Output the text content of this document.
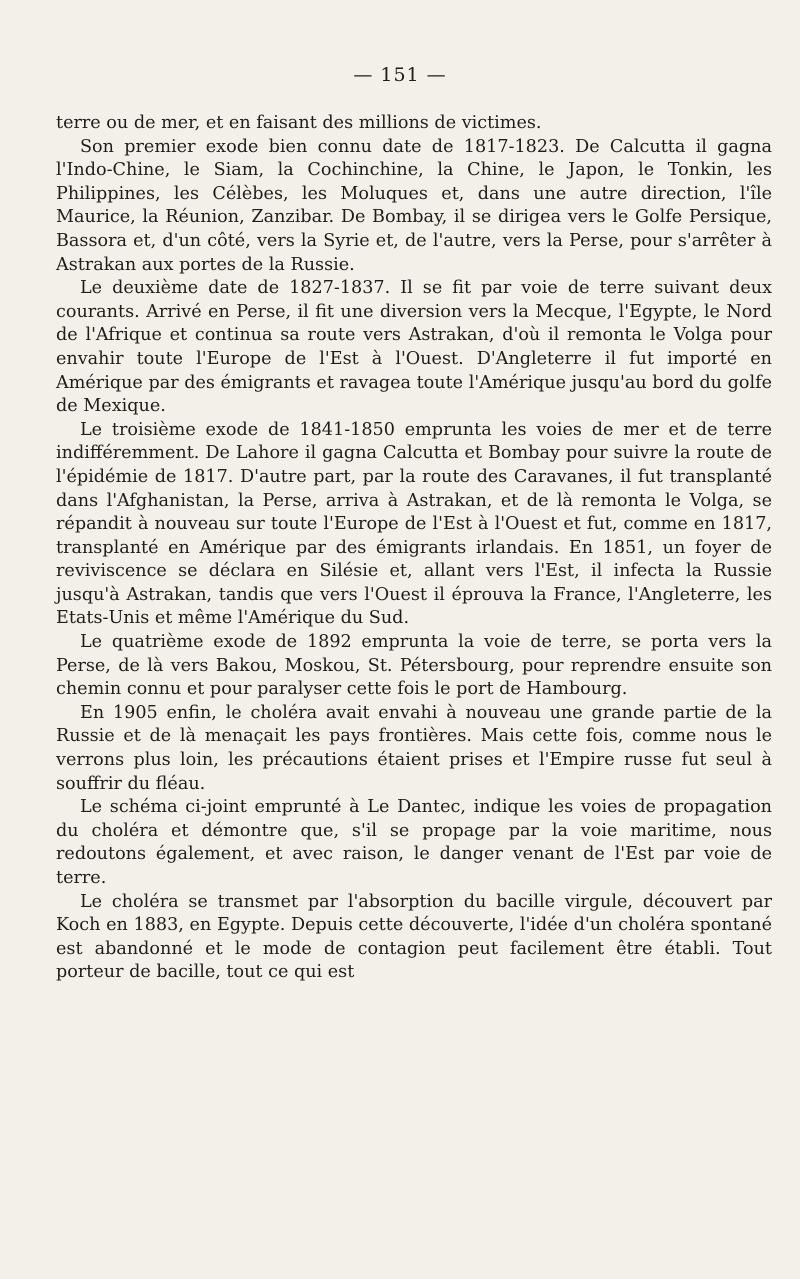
— 151 —

terre ou de mer, et en faisant des millions de victimes.

Son premier exode bien connu date de 1817-1823. De Calcutta il gagna l'Indo-Chine, le Siam, la Cochinchine, la Chine, le Japon, le Tonkin, les Philippines, les Célèbes, les Moluques et, dans une autre direction, l'île Maurice, la Réunion, Zanzibar. De Bombay, il se dirigea vers le Golfe Persique, Bassora et, d'un côté, vers la Syrie et, de l'autre, vers la Perse, pour s'arrêter à Astrakan aux portes de la Russie.

Le deuxième date de 1827-1837. Il se fit par voie de terre suivant deux courants. Arrivé en Perse, il fit une diversion vers la Mecque, l'Egypte, le Nord de l'Afrique et continua sa route vers Astrakan, d'où il remonta le Volga pour envahir toute l'Europe de l'Est à l'Ouest. D'Angleterre il fut importé en Amérique par des émigrants et ravagea toute l'Amérique jusqu'au bord du golfe de Mexique.

Le troisième exode de 1841-1850 emprunta les voies de mer et de terre indifféremment. De Lahore il gagna Calcutta et Bombay pour suivre la route de l'épidémie de 1817. D'autre part, par la route des Caravanes, il fut transplanté dans l'Afghanistan, la Perse, arriva à Astrakan, et de là remonta le Volga, se répandit à nouveau sur toute l'Europe de l'Est à l'Ouest et fut, comme en 1817, transplanté en Amérique par des émigrants irlandais. En 1851, un foyer de reviviscence se déclara en Silésie et, allant vers l'Est, il infecta la Russie jusqu'à Astrakan, tandis que vers l'Ouest il éprouva la France, l'Angleterre, les Etats-Unis et même l'Amérique du Sud.

Le quatrième exode de 1892 emprunta la voie de terre, se porta vers la Perse, de là vers Bakou, Moskou, St. Pétersbourg, pour reprendre ensuite son chemin connu et pour paralyser cette fois le port de Hambourg.

En 1905 enfin, le choléra avait envahi à nouveau une grande partie de la Russie et de là menaçait les pays frontières. Mais cette fois, comme nous le verrons plus loin, les précautions étaient prises et l'Empire russe fut seul à souffrir du fléau.

Le schéma ci-joint emprunté à Le Dantec, indique les voies de propagation du choléra et démontre que, s'il se propage par la voie maritime, nous redoutons également, et avec raison, le danger venant de l'Est par voie de terre.

Le choléra se transmet par l'absorption du bacille virgule, découvert par Koch en 1883, en Egypte. Depuis cette découverte, l'idée d'un choléra spontané est abandonné et le mode de contagion peut facilement être établi. Tout porteur de bacille, tout ce qui est
